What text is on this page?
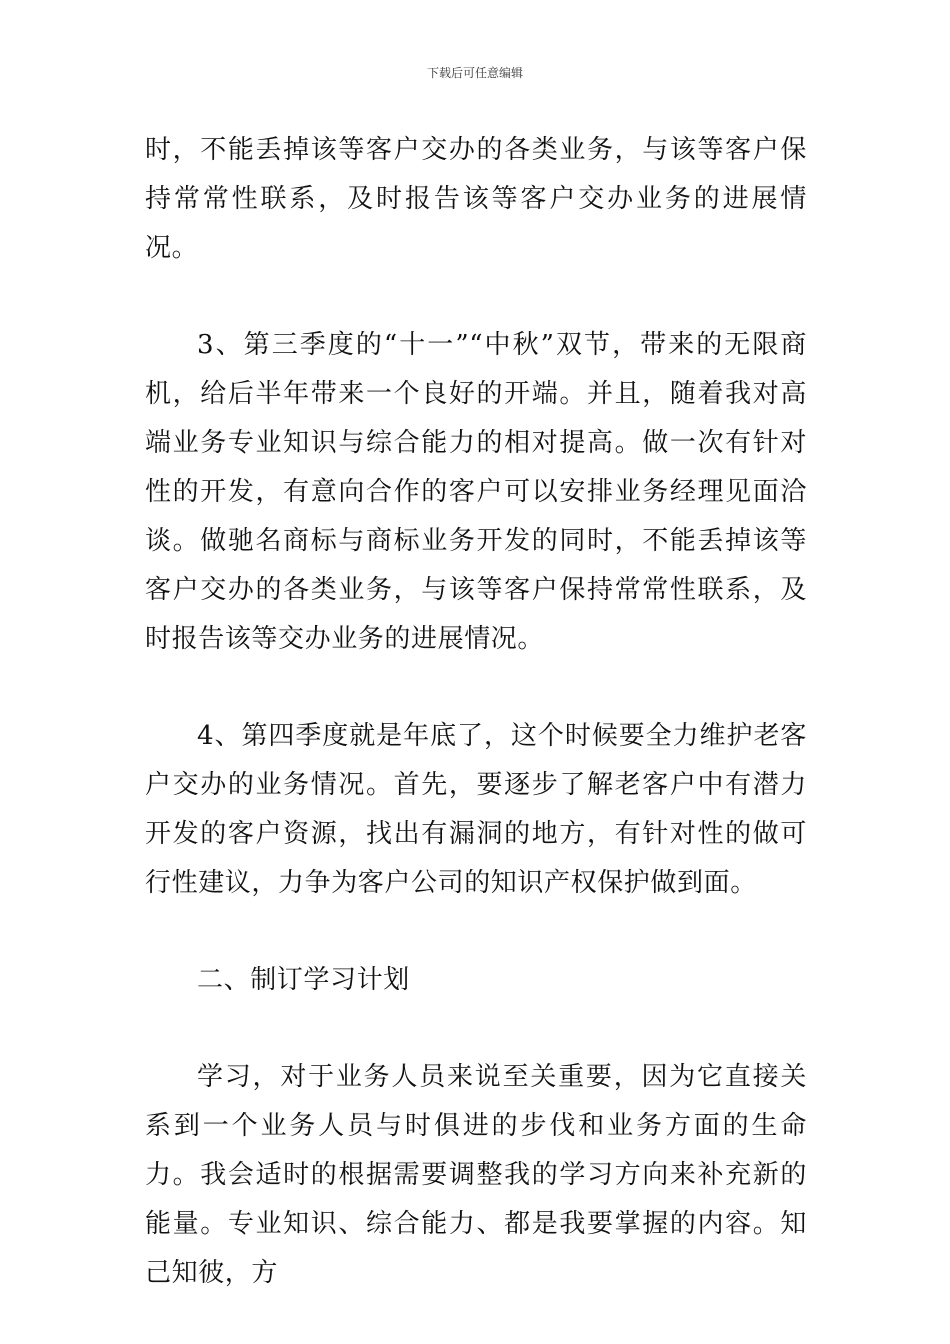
下载后可任意编辑

时，不能丢掉该等客户交办的各类业务，与该等客户保持常常性联系，及时报告该等客户交办业务的进展情况。

3、第三季度的“十一”“中秋”双节，带来的无限商机，给后半年带来一个良好的开端。并且，随着我对高端业务专业知识与综合能力的相对提高。做一次有针对性的开发，有意向合作的客户可以安排业务经理见面洽谈。做驰名商标与商标业务开发的同时，不能丢掉该等客户交办的各类业务，与该等客户保持常常性联系，及时报告该等交办业务的进展情况。

4、第四季度就是年底了，这个时候要全力维护老客户交办的业务情况。首先，要逐步了解老客户中有潜力开发的客户资源，找出有漏洞的地方，有针对性的做可行性建议，力争为客户公司的知识产权保护做到面。

二、制订学习计划

学习，对于业务人员来说至关重要，因为它直接关系到一个业务人员与时俱进的步伐和业务方面的生命力。我会适时的根据需要调整我的学习方向来补充新的能量。专业知识、综合能力、都是我要掌握的内容。知己知彼，方
